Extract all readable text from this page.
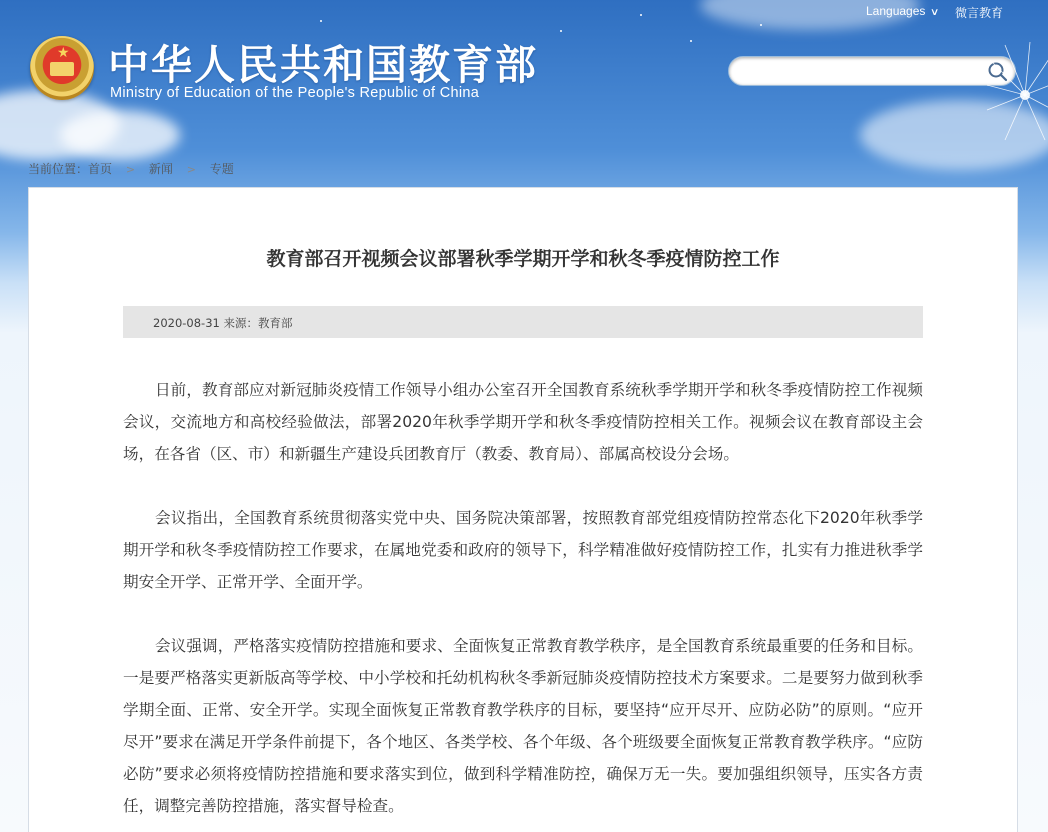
★ 中华人民共和国教育部
Ministry of Education of the People's Republic of China
Languages ∨ 微言教育
当前位置：首页 > 新闻 > 专题
教育部召开视频会议部署秋季学期开学和秋冬季疫情防控工作
2020-08-31 来源：教育部

日前，教育部应对新冠肺炎疫情工作领导小组办公室召开全国教育系统秋季学期开学和秋冬季疫情防控工作视频会议，交流地方和高校经验做法，部署2020年秋季学期开学和秋冬季疫情防控相关工作。视频会议在教育部设主会场，在各省（区、市）和新疆生产建设兵团教育厅（教委、教育局）、部属高校设分会场。

会议指出，全国教育系统贯彻落实党中央、国务院决策部署，按照教育部党组疫情防控常态化下2020年秋季学期开学和秋冬季疫情防控工作要求，在属地党委和政府的领导下，科学精准做好疫情防控工作，扎实有力推进秋季学期安全开学、正常开学、全面开学。

会议强调，严格落实疫情防控措施和要求、全面恢复正常教育教学秩序，是全国教育系统最重要的任务和目标。一是要严格落实更新版高等学校、中小学校和托幼机构秋冬季新冠肺炎疫情防控技术方案要求。二是要努力做到秋季学期全面、正常、安全开学。实现全面恢复正常教育教学秩序的目标，要坚持“应开尽开、应防必防”的原则。“应开尽开”要求在满足开学条件前提下，各个地区、各类学校、各个年级、各个班级要全面恢复正常教育教学秩序。“应防必防”要求必须将疫情防控措施和要求落实到位，做到科学精准防控，确保万无一失。要加强组织领导，压实各方责任，调整完善防控措施，落实督导检查。
